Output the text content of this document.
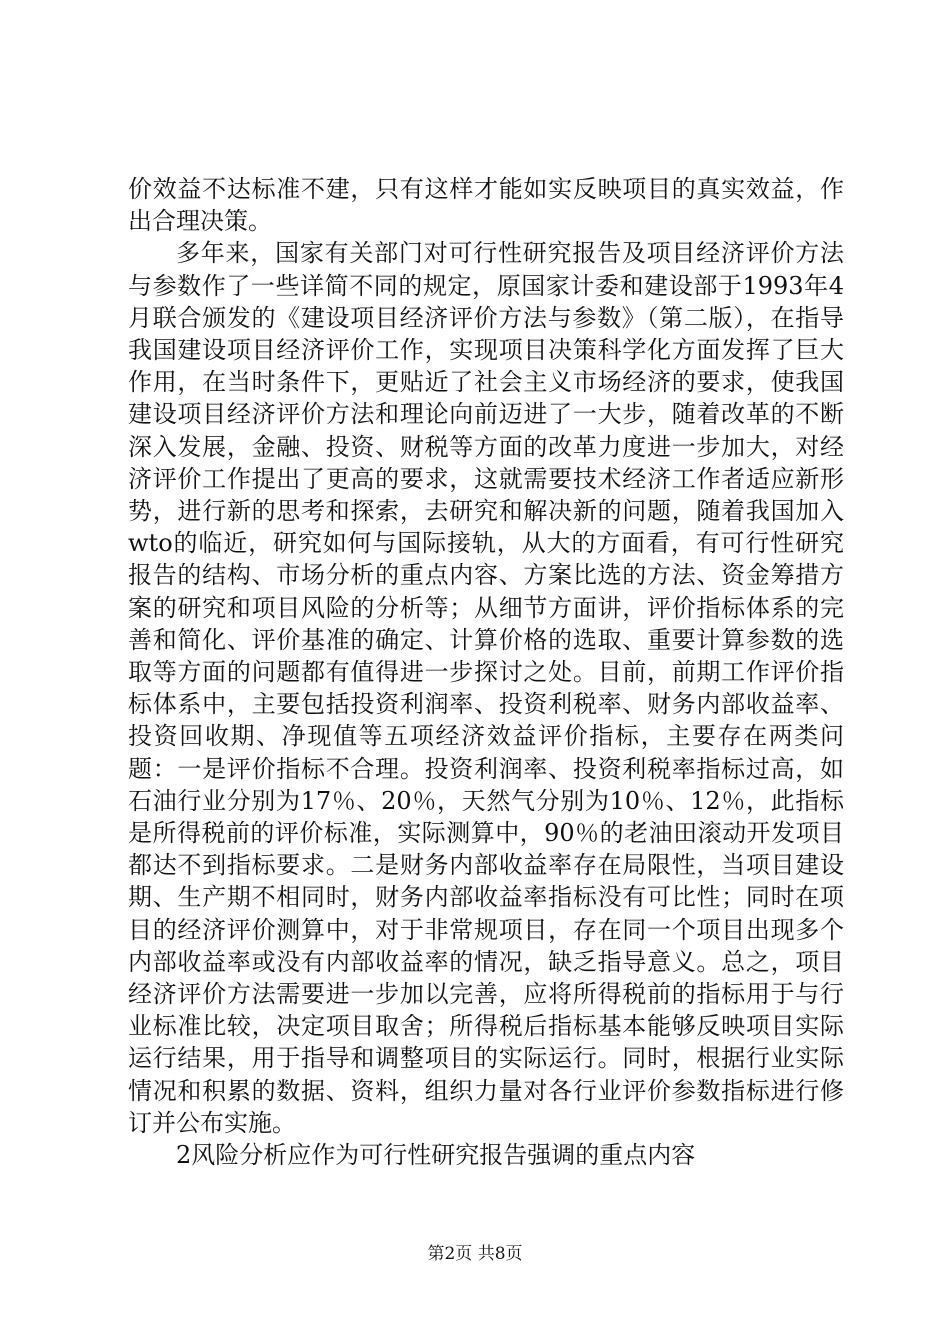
价效益不达标准不建，只有这样才能如实反映项目的真实效益，作出合理决策。

多年来，国家有关部门对可行性研究报告及项目经济评价方法与参数作了一些详简不同的规定，原国家计委和建设部于1993年4月联合颁发的《建设项目经济评价方法与参数》（第二版），在指导我国建设项目经济评价工作，实现项目决策科学化方面发挥了巨大作用，在当时条件下，更贴近了社会主义市场经济的要求，使我国建设项目经济评价方法和理论向前迈进了一大步，随着改革的不断深入发展，金融、投资、财税等方面的改革力度进一步加大，对经济评价工作提出了更高的要求，这就需要技术经济工作者适应新形势，进行新的思考和探索，去研究和解决新的问题，随着我国加入wto的临近，研究如何与国际接轨，从大的方面看，有可行性研究报告的结构、市场分析的重点内容、方案比选的方法、资金筹措方案的研究和项目风险的分析等；从细节方面讲，评价指标体系的完善和简化、评价基准的确定、计算价格的选取、重要计算参数的选取等方面的问题都有值得进一步探讨之处。目前，前期工作评价指标体系中，主要包括投资利润率、投资利税率、财务内部收益率、投资回收期、净现值等五项经济效益评价指标，主要存在两类问题：一是评价指标不合理。投资利润率、投资利税率指标过高，如石油行业分别为17％、20％，天然气分别为10％、12％，此指标是所得税前的评价标准，实际测算中，90％的老油田滚动开发项目都达不到指标要求。二是财务内部收益率存在局限性，当项目建设期、生产期不相同时，财务内部收益率指标没有可比性；同时在项目的经济评价测算中，对于非常规项目，存在同一个项目出现多个内部收益率或没有内部收益率的情况，缺乏指导意义。总之，项目经济评价方法需要进一步加以完善，应将所得税前的指标用于与行业标准比较，决定项目取舍；所得税后指标基本能够反映项目实际运行结果，用于指导和调整项目的实际运行。同时，根据行业实际情况和积累的数据、资料，组织力量对各行业评价参数指标进行修订并公布实施。

2风险分析应作为可行性研究报告强调的重点内容

第2页 共8页
